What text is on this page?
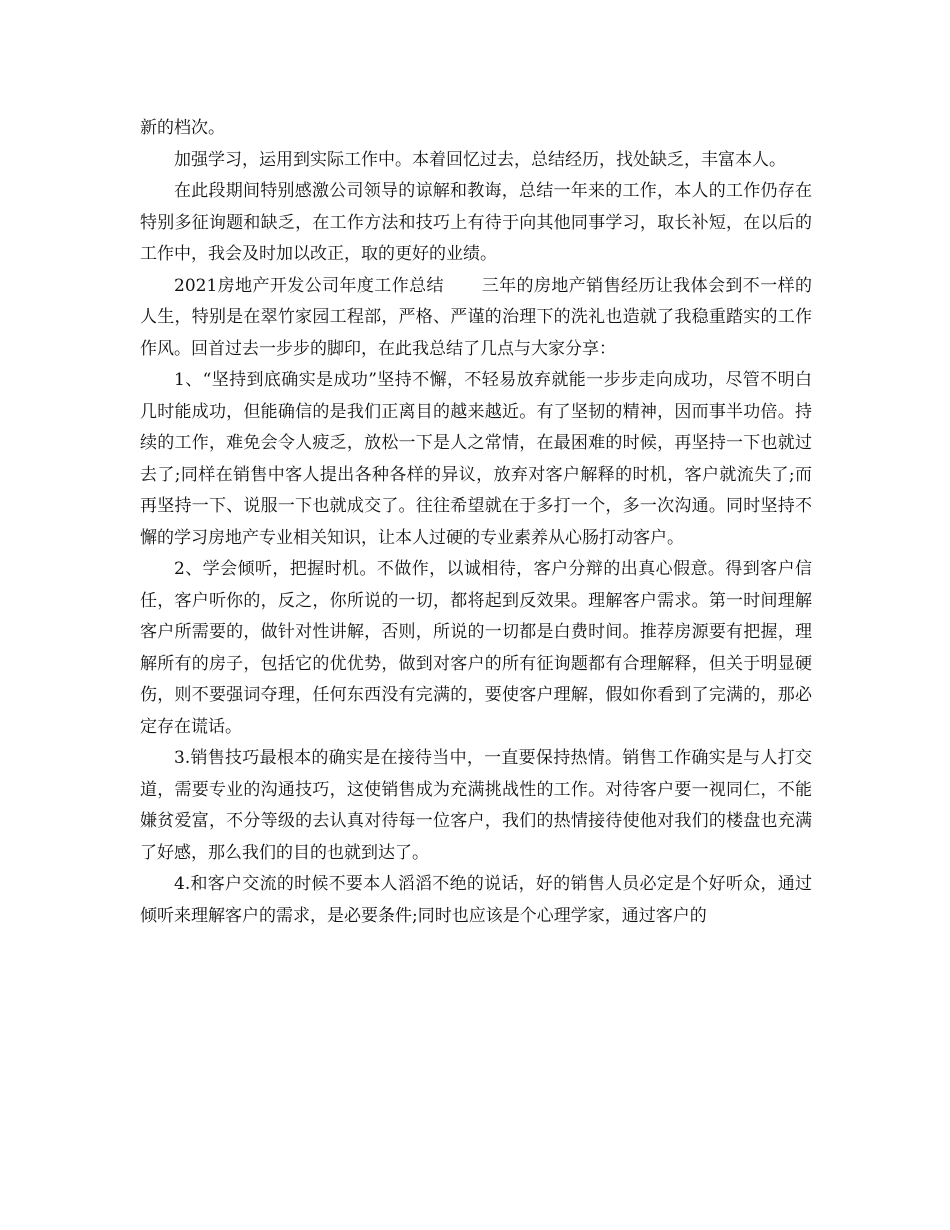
新的档次。

加强学习，运用到实际工作中。本着回忆过去，总结经历，找处缺乏，丰富本人。

在此段期间特别感激公司领导的谅解和教诲，总结一年来的工作，本人的工作仍存在特别多征询题和缺乏，在工作方法和技巧上有待于向其他同事学习，取长补短，在以后的工作中，我会及时加以改正，取的更好的业绩。

2021房地产开发公司年度工作总结 三年的房地产销售经历让我体会到不一样的人生，特别是在翠竹家园工程部，严格、严谨的治理下的洗礼也造就了我稳重踏实的工作作风。回首过去一步步的脚印，在此我总结了几点与大家分享：

1、“坚持到底确实是成功”坚持不懈，不轻易放弃就能一步步走向成功，尽管不明白几时能成功，但能确信的是我们正离目的越来越近。有了坚韧的精神，因而事半功倍。持续的工作，难免会令人疲乏，放松一下是人之常情，在最困难的时候，再坚持一下也就过去了;同样在销售中客人提出各种各样的异议，放弃对客户解释的时机，客户就流失了;而再坚持一下、说服一下也就成交了。往往希望就在于多打一个，多一次沟通。同时坚持不懈的学习房地产专业相关知识，让本人过硬的专业素养从心肠打动客户。

2、学会倾听，把握时机。不做作，以诚相待，客户分辩的出真心假意。得到客户信任，客户听你的，反之，你所说的一切，都将起到反效果。理解客户需求。第一时间理解客户所需要的，做针对性讲解，否则，所说的一切都是白费时间。推荐房源要有把握，理解所有的房子，包括它的优优势，做到对客户的所有征询题都有合理解释，但关于明显硬伤，则不要强词夺理，任何东西没有完满的，要使客户理解，假如你看到了完满的，那必定存在谎话。

3.销售技巧最根本的确实是在接待当中，一直要保持热情。销售工作确实是与人打交道，需要专业的沟通技巧，这使销售成为充满挑战性的工作。对待客户要一视同仁，不能嫌贫爱富，不分等级的去认真对待每一位客户，我们的热情接待使他对我们的楼盘也充满了好感，那么我们的目的也就到达了。

4.和客户交流的时候不要本人滔滔不绝的说话，好的销售人员必定是个好听众，通过倾听来理解客户的需求，是必要条件;同时也应该是个心理学家，通过客户的
